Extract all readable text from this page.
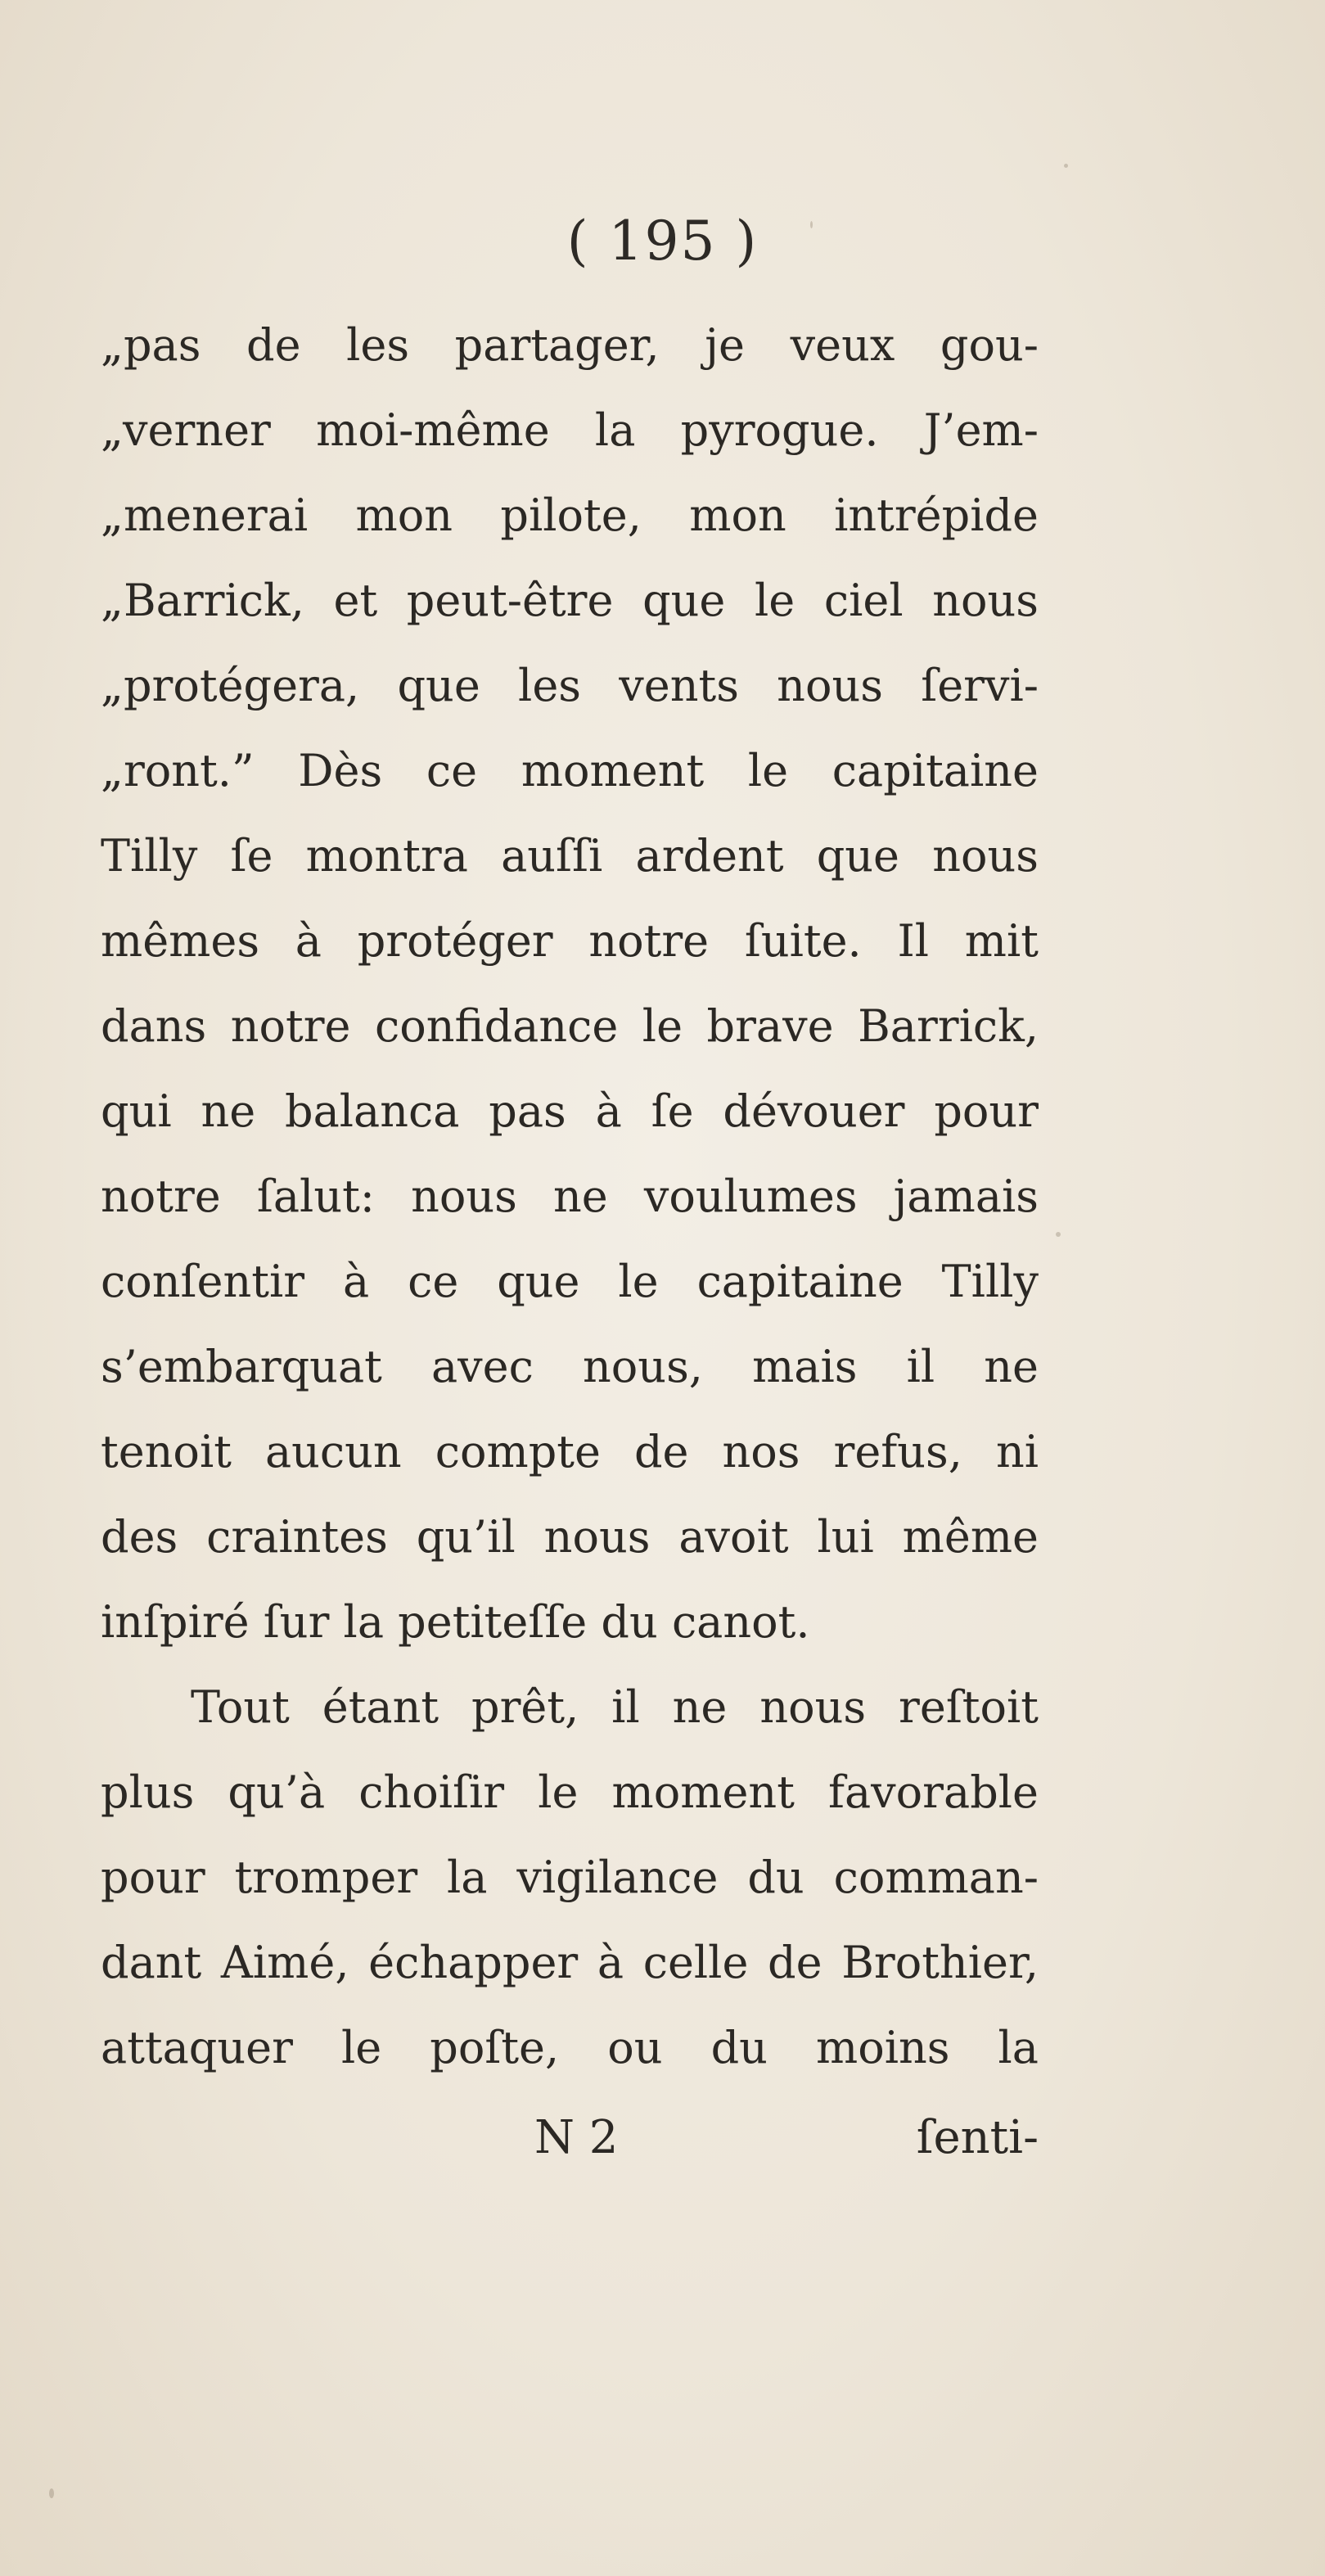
( 195 )
„pas de les partager, je veux gou-
„verner moi-même la pyrogue. J’em-
„menerai mon pilote, mon intrépide
„Barrick, et peut-être que le ciel nous
„protégera, que les vents nous ſervi-
„ront.” Dès ce moment le capitaine
Tilly ſe montra auſſi ardent que nous
mêmes à protéger notre ſuite. Il mit
dans notre confidance le brave Barrick,
qui ne balanca pas à ſe dévouer pour
notre ſalut: nous ne voulumes jamais
conſentir à ce que le capitaine Tilly
s’embarquat avec nous, mais il ne
tenoit aucun compte de nos refus, ni
des craintes qu’il nous avoit lui même
inſpiré ſur la petiteſſe du canot.
Tout étant prêt, il ne nous reſtoit
plus qu’à choiſir le moment favorable
pour tromper la vigilance du comman-
dant Aimé, échapper à celle de Brothier,
attaquer le poſte, ou du moins la
N 2	ſenti-
